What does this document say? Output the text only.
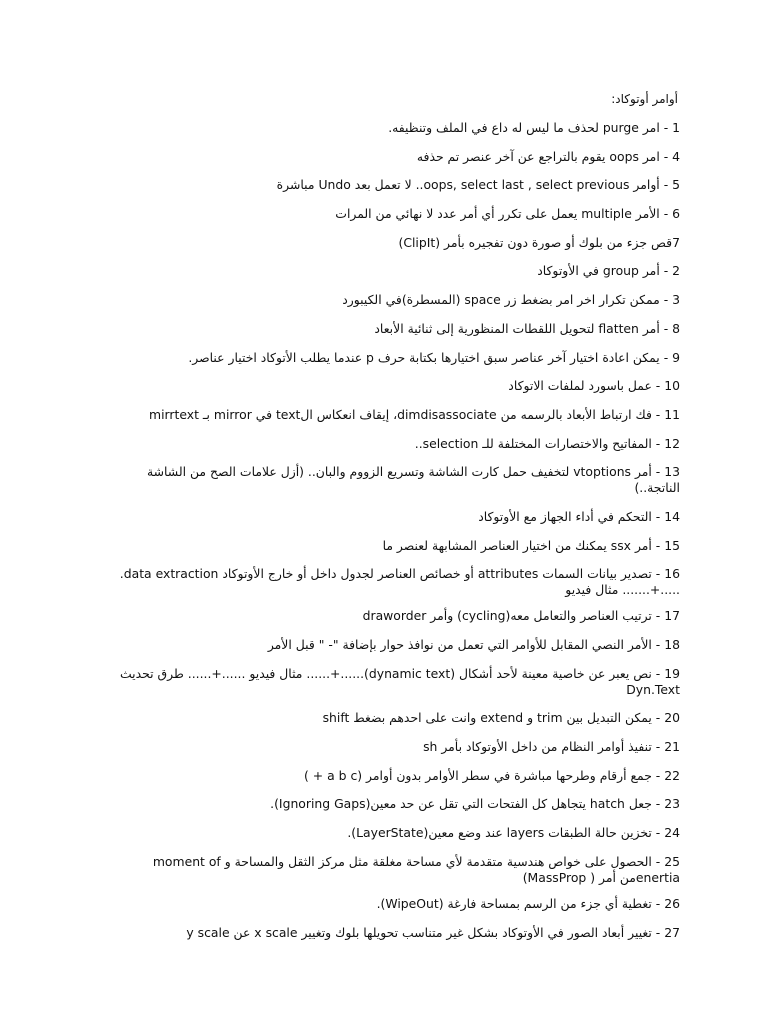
أوامر أوتوكاد:
1 - امر purge لحذف ما ليس له داع في الملف وتنظيفه.
4 - امر oops يقوم بالتراجع عن آخر عنصر تم حذفه
5 - أوامر oops, select last , select previous.. لا تعمل بعد Undo مباشرة
6 - الأمر multiple يعمل على تكرر أي أمر عدد لا نهائي من المرات
7قص جزء من بلوك أو صورة دون تفجيره بأمر (ClipIt)
2 - أمر group في الأوتوكاد
3 - ممكن تكرار اخر امر بضغط زر space (المسطرة)في الكيبورد
8 - أمر flatten لتحويل اللقطات المنظورية إلى ثنائية الأبعاد
9 - يمكن اعادة اختيار آخر عناصر سبق اختيارها بكتابة حرف p عندما يطلب الأتوكاد اختيار عناصر.
10 - عمل باسورد لملفات الاتوكاد
11 - فك ارتباط الأبعاد بالرسمه من dimdisassociate، إيقاف انعكاس الtext في mirror بـ mirrtext
12 - المفاتيح والاختصارات المختلفة للـ selection..
13 - أمر vtoptions لتخفيف حمل كارت الشاشة وتسريع الزووم والبان.. (أزل علامات الصح من الشاشة الناتجة..)
14 - التحكم في أداء الجهاز مع الأوتوكاد
15 - أمر ssx يمكنك من اختيار العناصر المشابهة لعنصر ما
16 - تصدير بيانات السمات attributes أو خصائص العناصر لجدول داخل أو خارج الأوتوكاد data extraction. .....+....... مثال فيديو
17 - ترتيب العناصر والتعامل معه(cycling) وأمر draworder
18 - الأمر النصي المقابل للأوامر التي تعمل من نوافذ حوار بإضافة "- " قبل الأمر
19 - نص يعبر عن خاصية معينة لأحد أشكال (dynamic text)......+...... مثال فيديو ......+...... طرق تحديث Dyn.Text
20 - يمكن التبديل بين trim و extend وانت على احدهم بضغط shift
21 - تنفيذ أوامر النظام من داخل الأوتوكاد بأمر sh
22 - جمع أرقام وطرحها مباشرة في سطر الأوامر بدون أوامر (a b c + )
23 - جعل hatch يتجاهل كل الفتحات التي تقل عن حد معين(Ignoring Gaps).
24 - تخزين حالة الطبقات layers عند وضع معين(LayerState).
25 - الحصول على خواص هندسية متقدمة لأي مساحة مغلقة مثل مركز الثقل والمساحة و moment of enertiaمن أمر ( MassProp)
26 - تغطية أي جزء من الرسم بمساحة فارغة (WipeOut).
27 - تغيير أبعاد الصور في الأوتوكاد بشكل غير متناسب تحويلها بلوك وتغيير x scale عن y scale
